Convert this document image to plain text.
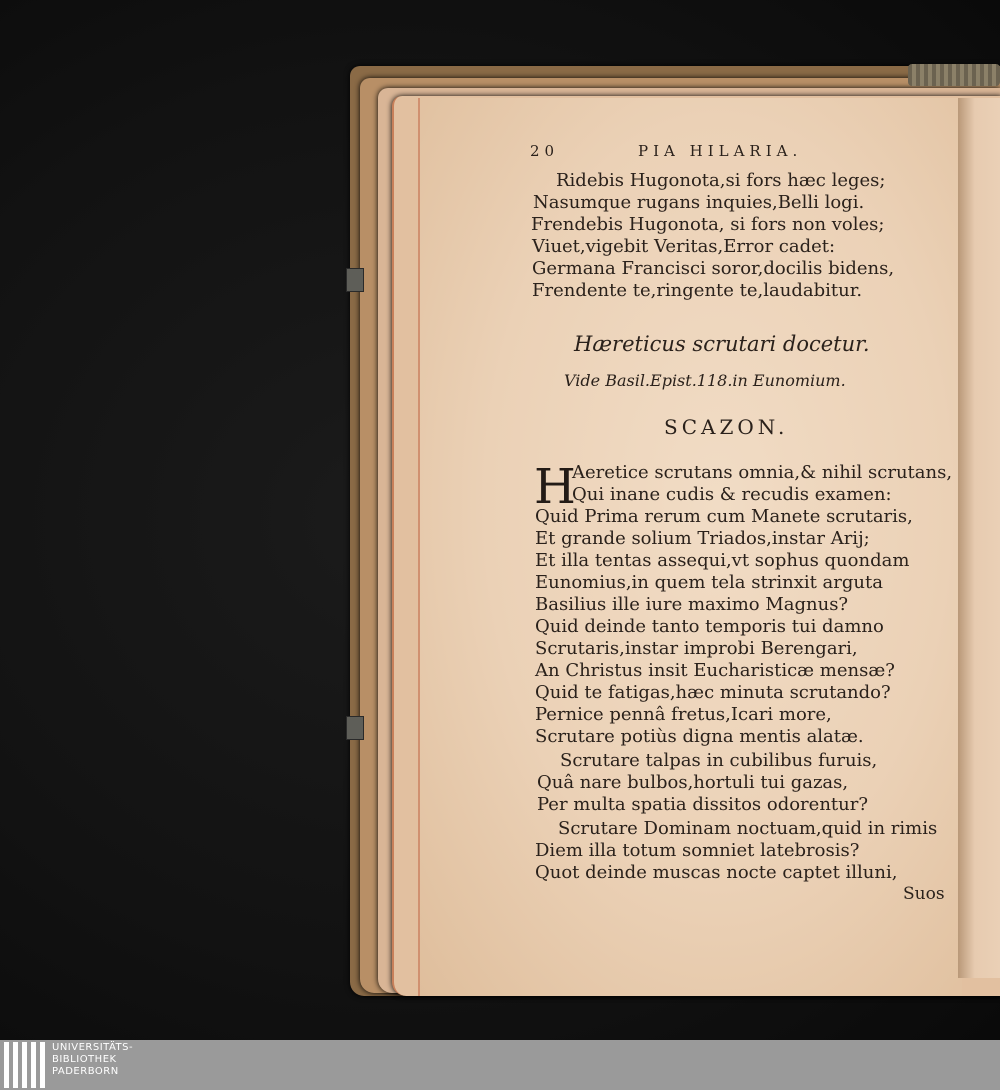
20	PIA HILARIA.
Ridebis Hugonota,si fors hæc leges;
Nasumque rugans inquies,Belli logi.
Frendebis Hugonota, si fors non voles;
Viuet,vigebit Veritas,Error cadet:
Germana Francisci soror,docilis bidens,
Frendente te,ringente te,laudabitur.
Hæreticus scrutari docetur.
Vide Basil.Epist.118.in Eunomium.
SCAZON.
H
Aeretice scrutans omnia,& nihil scrutans,
Qui inane cudis & recudis examen:
Quid Prima rerum cum Manete scrutaris,
Et grande solium Triados,instar Arij;
Et illa tentas assequi,vt sophus quondam
Eunomius,in quem tela strinxit arguta
Basilius ille iure maximo Magnus?
Quid deinde tanto temporis tui damno
Scrutaris,instar improbi Berengari,
An Christus insit Eucharisticæ mensæ?
Quid te fatigas,hæc minuta scrutando?
Pernice pennâ fretus,Icari more,
Scrutare potiùs digna mentis alatæ.
Scrutare talpas in cubilibus furuis,
Quâ nare bulbos,hortuli tui gazas,
Per multa spatia dissitos odorentur?
Scrutare Dominam noctuam,quid in rimis
Diem illa totum somniet latebrosis?
Quot deinde muscas nocte captet illuni,
Suos
UNIVERSITÄTS-
BIBLIOTHEK
PADERBORN
